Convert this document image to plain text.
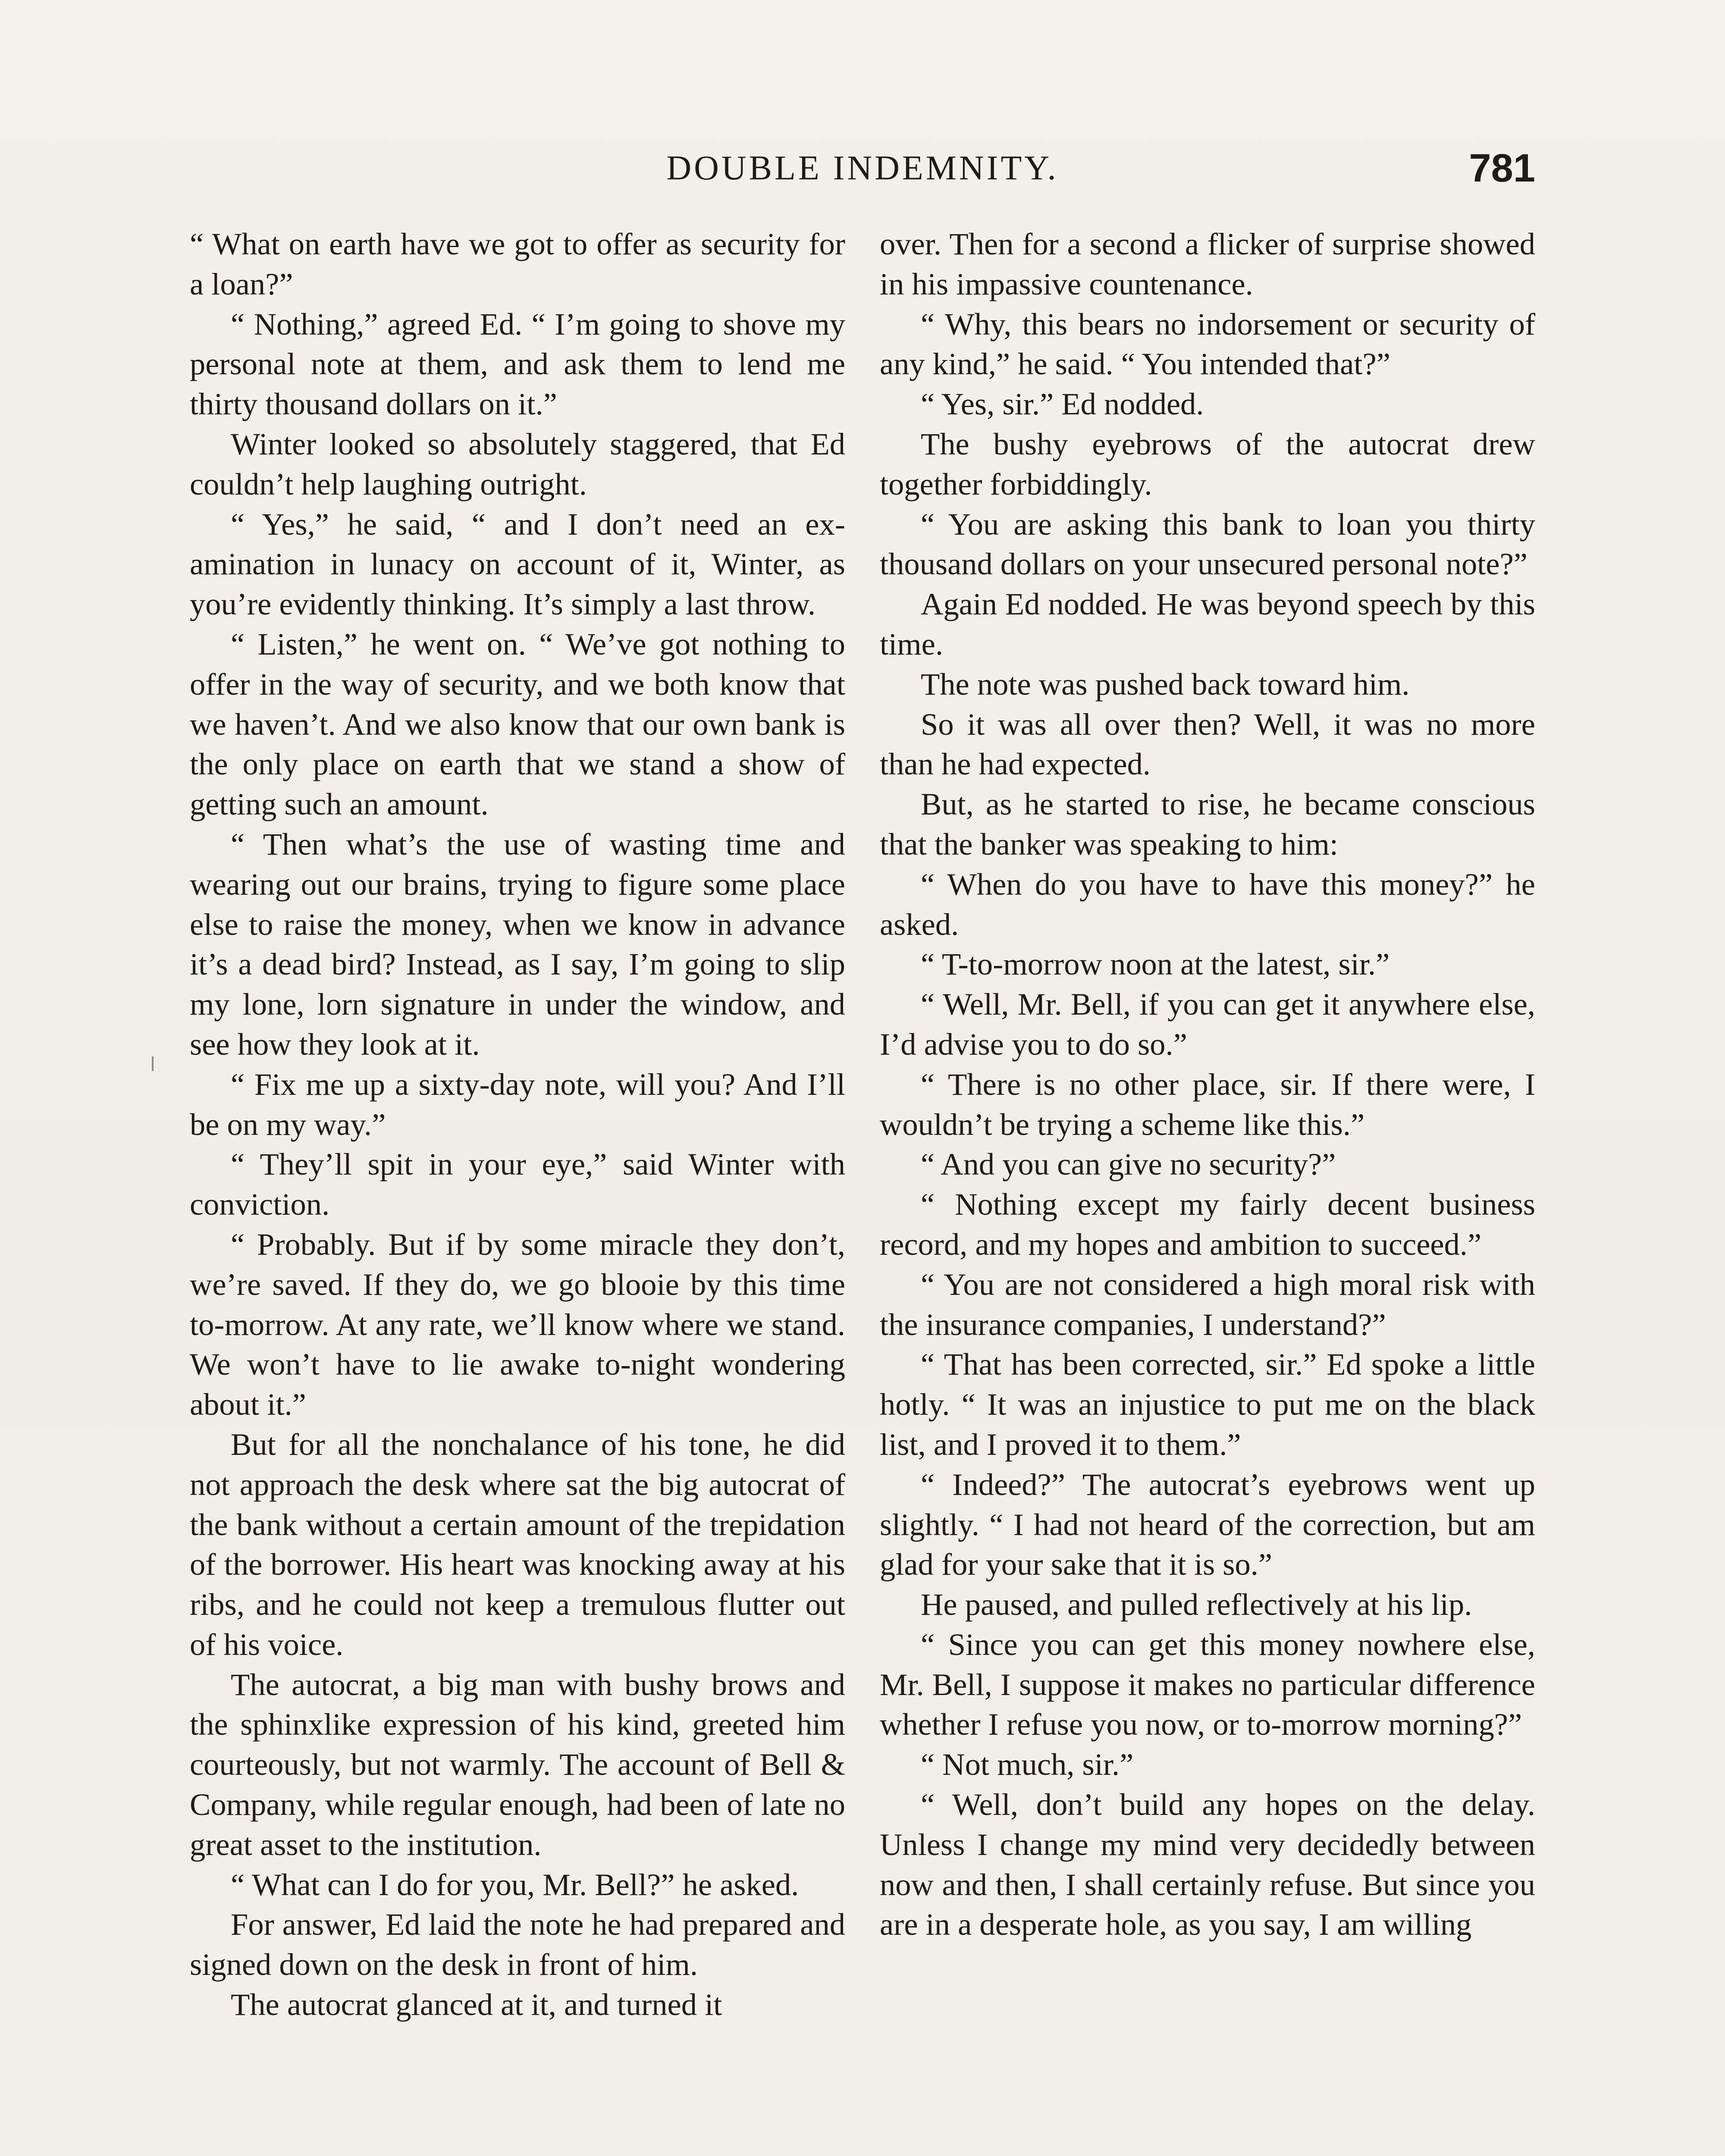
DOUBLE INDEMNITY.	781

“ What on earth have we got to offer as security for a loan?”

“ Nothing,” agreed Ed. “ I’m going to shove my personal note at them, and ask them to lend me thirty thousand dollars on it.”

Winter looked so absolutely staggered, that Ed couldn’t help laughing outright.

“ Yes,” he said, “ and I don’t need an examination in lunacy on account of it, Winter, as you’re evidently thinking. It’s simply a last throw.

“ Listen,” he went on. “ We’ve got nothing to offer in the way of security, and we both know that we haven’t. And we also know that our own bank is the only place on earth that we stand a show of getting such an amount.

“ Then what’s the use of wasting time and wearing out our brains, trying to figure some place else to raise the money, when we know in advance it’s a dead bird? Instead, as I say, I’m going to slip my lone, lorn signature in under the window, and see how they look at it.

“ Fix me up a sixty-day note, will you? And I’ll be on my way.”

“ They’ll spit in your eye,” said Winter with conviction.

“ Probably. But if by some miracle they don’t, we’re saved. If they do, we go blooie by this time to-morrow. At any rate, we’ll know where we stand. We won’t have to lie awake to-night wondering about it.”

But for all the nonchalance of his tone, he did not approach the desk where sat the big autocrat of the bank without a certain amount of the trepidation of the borrower. His heart was knocking away at his ribs, and he could not keep a tremulous flutter out of his voice.

The autocrat, a big man with bushy brows and the sphinxlike expression of his kind, greeted him courteously, but not warmly. The account of Bell & Company, while regular enough, had been of late no great asset to the institution.

“ What can I do for you, Mr. Bell?” he asked.

For answer, Ed laid the note he had prepared and signed down on the desk in front of him.

The autocrat glanced at it, and turned it

over. Then for a second a flicker of surprise showed in his impassive countenance.

“ Why, this bears no indorsement or security of any kind,” he said. “ You intended that?”

“ Yes, sir.” Ed nodded.

The bushy eyebrows of the autocrat drew together forbiddingly.

“ You are asking this bank to loan you thirty thousand dollars on your unsecured personal note?”

Again Ed nodded. He was beyond speech by this time.

The note was pushed back toward him.

So it was all over then? Well, it was no more than he had expected.

But, as he started to rise, he became conscious that the banker was speaking to him:

“ When do you have to have this money?” he asked.

“ T-to-morrow noon at the latest, sir.”

“ Well, Mr. Bell, if you can get it anywhere else, I’d advise you to do so.”

“ There is no other place, sir. If there were, I wouldn’t be trying a scheme like this.”

“ And you can give no security?”

“ Nothing except my fairly decent business record, and my hopes and ambition to succeed.”

“ You are not considered a high moral risk with the insurance companies, I understand?”

“ That has been corrected, sir.” Ed spoke a little hotly. “ It was an injustice to put me on the black list, and I proved it to them.”

“ Indeed?” The autocrat’s eyebrows went up slightly. “ I had not heard of the correction, but am glad for your sake that it is so.”

He paused, and pulled reflectively at his lip.

“ Since you can get this money nowhere else, Mr. Bell, I suppose it makes no particular difference whether I refuse you now, or to-morrow morning?”

“ Not much, sir.”

“ Well, don’t build any hopes on the delay. Unless I change my mind very decidedly between now and then, I shall certainly refuse. But since you are in a desperate hole, as you say, I am willing
